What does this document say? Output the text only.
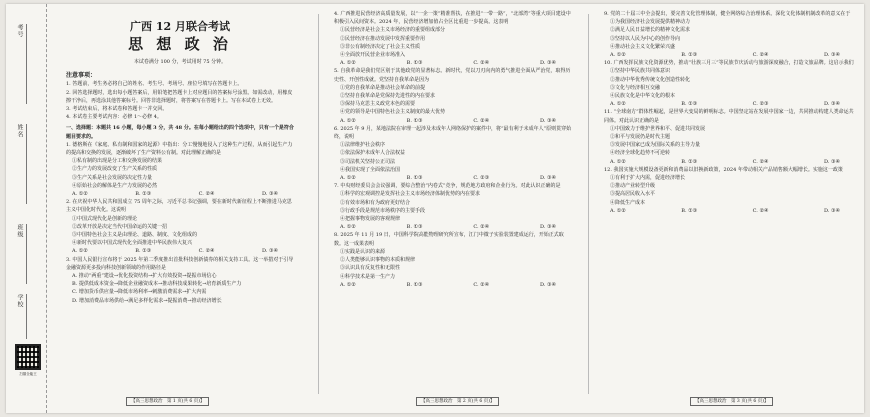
考号
姓名
班级
学校
扫描全能王
广西 12 月联合考试
思 想 政 治
本试卷满分 100 分，考试用时 75 分钟。
注意事项：
1. 答题前，考生务必将自己的姓名、考生号、考场号、座位号填写在答题卡上。
2. 回答选择题时，选出每小题答案后，用铅笔把答题卡上对应题目的答案标号涂黑。如需改动，用橡皮擦干净后，再选涂其他答案标号。回答非选择题时，将答案写在答题卡上。写在本试卷上无效。
3. 考试结束后，将本试卷和答题卡一并交回。
4. 本试卷主要考试内容：必修 1～必修 4。
一、选择题：本题共 16 小题，每小题 3 分，共 48 分。在每小题给出的四个选项中，只有一个是符合题目要求的。
1. 德格斯在《家庭、私有制和国家的起源》中指出：分工慢慢地侵入了这种生产过程，从而引起生产力的提高和交换的发展，逐渐破坏了生产资料公有制。对此理解正确的是
①私有制的出现是分工和交换发展的结果
②生产力的发展改变了生产关系的性质
③生产关系是社会发展的决定性力量
④原始社会的解体是生产力发展的必然
A. ①②	B. ①③	C. ②④	D. ③④
2. 在庆祝中华人民共和国成立 75 周年之际，习近平总书记强调，要在新时代新征程上不断推进马克思主义中国化时代化。这说明
①中国式现代化是创新的理论
②改革开放是决定当代中国命运的关键一招
③中国特色社会主义是由理论、道路、制度、文化组成的
④新时代要以中国式现代化全面推进中华民族伟大复兴
A. ①②	B. ①③	C. ②④	D. ③④
3. 中国人民银行宣布将于 2025 年第二季度推出首批科技创新债券的相关支持工具。这一举措对于引导金融资源更多投向科技创新领域的作用路径是
A. 推动“两重”建设→优化投资结构→扩大有效投资→提振市场信心
B. 提供低成本资金→降低企业融资成本→推动科技成果转化→培育新质生产力
C. 增加货币供应量→降低市场利率→刺激消费需求→扩大内需
D. 增加消费品市场供给→满足多样化需求→提振消费→推动经济增长
4. 广西推进民营经济高质量发展，以“一企一策”精准帮扶，在推进“一带一路”，“北部湾”等重大项目建设中积极引入民间资本。2024 年，民营经济增加值占全区比重进一步提高。这表明
①民营经济是社会主义市场经济的重要组成部分
②民营经济在推动发展中发挥重要作用
③非公有制经济决定了社会主义性质
④全面放开民营企业市场准入
A. ①②	B. ①③	C. ②④	D. ③④
5. 自我革命是我们党区别于其他政党的显著标志。新时代，党以刀刃向内的勇气推进全面从严治党，取得历史性、开创性成就。党坚持自我革命是因为
①党的自我革命是推动社会革命的前提
②坚持自我革命是党保持先进性的内在要求
③保持马克思主义政党本色的需要
④党的领导是中国特色社会主义制度的最大优势
A. ①②	B. ①③	C. ②④	D. ③④
6. 2025 年 9 月，某地法院在审理一起涉及未成年人网络保护的案件中，将“最有利于未成年人”原则贯穿始终，说明
①法律维护社会秩序
②依法保护未成年人合法权益
③司法机关坚持公正司法
④我国实现了全面依法治国
A. ①②	B. ①③	C. ②③	D. ③④
7. 中央财经委员会会议强调，要综合整治“内卷式”竞争，规范地方政府和企业行为。对此认识正确的是
①科学的宏观调控是发挥社会主义市场经济体制优势的内在要求
②有效市场和有为政府更好结合
③行政手段是规范市场秩序的主要手段
④把握事物发展的客观规律
A. ①②	B. ①③	C. ②④	D. ③④
8. 2025 年 11 月 19 日，中国科学院高能物理研究所宣布，江门中微子实验装置建成运行，开始正式取数。这一成果表明
①实践是认识的来源
②人类能够认识事物的本质和规律
③认识具有反复性和无限性
④科学技术是第一生产力
A. ①②	B. ①③	C. ②④	D. ③④
9. 党的二十届三中全会提出，要完善文化管理体制，健全网络综合治理体系。深化文化体制机制改革的意义在于
①为我国经济社会发展提供精神动力
②满足人民日益增长的精神文化需求
③坚持以人民为中心的创作导向
④推动社会主义文化繁荣兴盛
A. ①②	B. ①③	C. ②④	D. ③④
10. 广西发挥民族文化资源优势，推动“壮族三月三”等民族节庆活动与旅游深度融合，打造文旅品牌。这启示我们
①坚持中华民族共同体意识
②推动中华优秀传统文化创造性转化
③文化与经济相互交融
④民族文化是中华文化的根本
A. ①②	B. ①③	C. ②③	D. ③④
11. “全球南方”群体性崛起，是世界大变局的鲜明标志。中国坚定站在发展中国家一边，共同推动构建人类命运共同体。对此认识正确的是
①中国致力于维护世界和平、促进共同发展
②和平与发展仍是时代主题
③发展中国家已成为国际关系的主导力量
④经济全球化趋势不可逆转
A. ①②	B. ①③	C. ②④	D. ③④
12. 我国实施大规模设备更新和消费品以旧换新政策，2024 年带动相关产品销售额大幅增长。实施这一政策
①有利于扩大内需，促进经济增长
②推动产业转型升级
③提高居民收入水平
④降低生产成本
A. ①②	B. ①③	C. ②④	D. ③④
【高三思想政治　第 1 页(共 6 页)】	【高三思想政治　第 2 页(共 6 页)】	【高三思想政治　第 3 页(共 6 页)】
